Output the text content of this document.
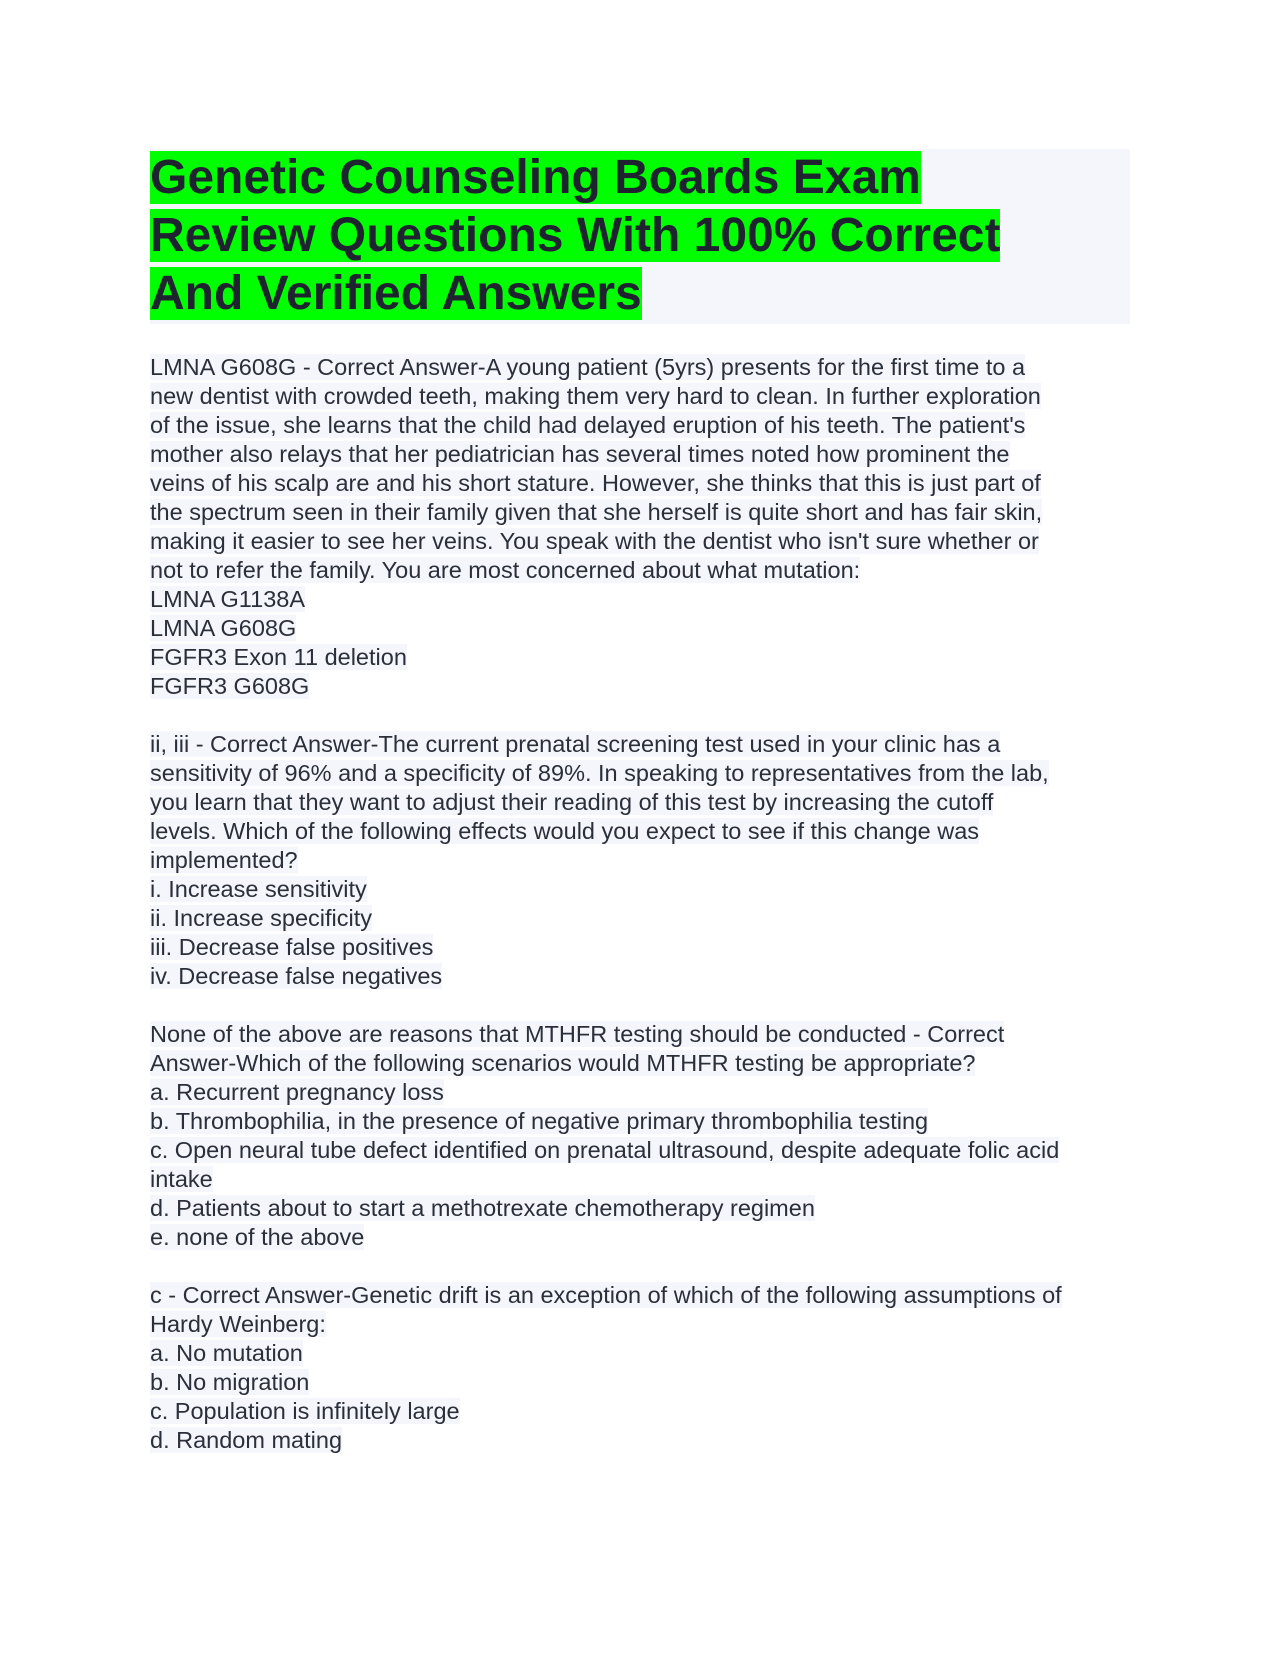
Genetic Counseling Boards Exam
Review Questions With 100% Correct
And Verified Answers
LMNA G608G - Correct Answer-A young patient (5yrs) presents for the first time to a
new dentist with crowded teeth, making them very hard to clean. In further exploration
of the issue, she learns that the child had delayed eruption of his teeth. The patient's
mother also relays that her pediatrician has several times noted how prominent the
veins of his scalp are and his short stature. However, she thinks that this is just part of
the spectrum seen in their family given that she herself is quite short and has fair skin,
making it easier to see her veins. You speak with the dentist who isn't sure whether or
not to refer the family. You are most concerned about what mutation:
LMNA G1138A
LMNA G608G
FGFR3 Exon 11 deletion
FGFR3 G608G
ii, iii - Correct Answer-The current prenatal screening test used in your clinic has a
sensitivity of 96% and a specificity of 89%. In speaking to representatives from the lab,
you learn that they want to adjust their reading of this test by increasing the cutoff
levels. Which of the following effects would you expect to see if this change was
implemented?
i. Increase sensitivity
ii. Increase specificity
iii. Decrease false positives
iv. Decrease false negatives
None of the above are reasons that MTHFR testing should be conducted - Correct
Answer-Which of the following scenarios would MTHFR testing be appropriate?
a. Recurrent pregnancy loss
b. Thrombophilia, in the presence of negative primary thrombophilia testing
c. Open neural tube defect identified on prenatal ultrasound, despite adequate folic acid
intake
d. Patients about to start a methotrexate chemotherapy regimen
e. none of the above
c - Correct Answer-Genetic drift is an exception of which of the following assumptions of
Hardy Weinberg:
a. No mutation
b. No migration
c. Population is infinitely large
d. Random mating
